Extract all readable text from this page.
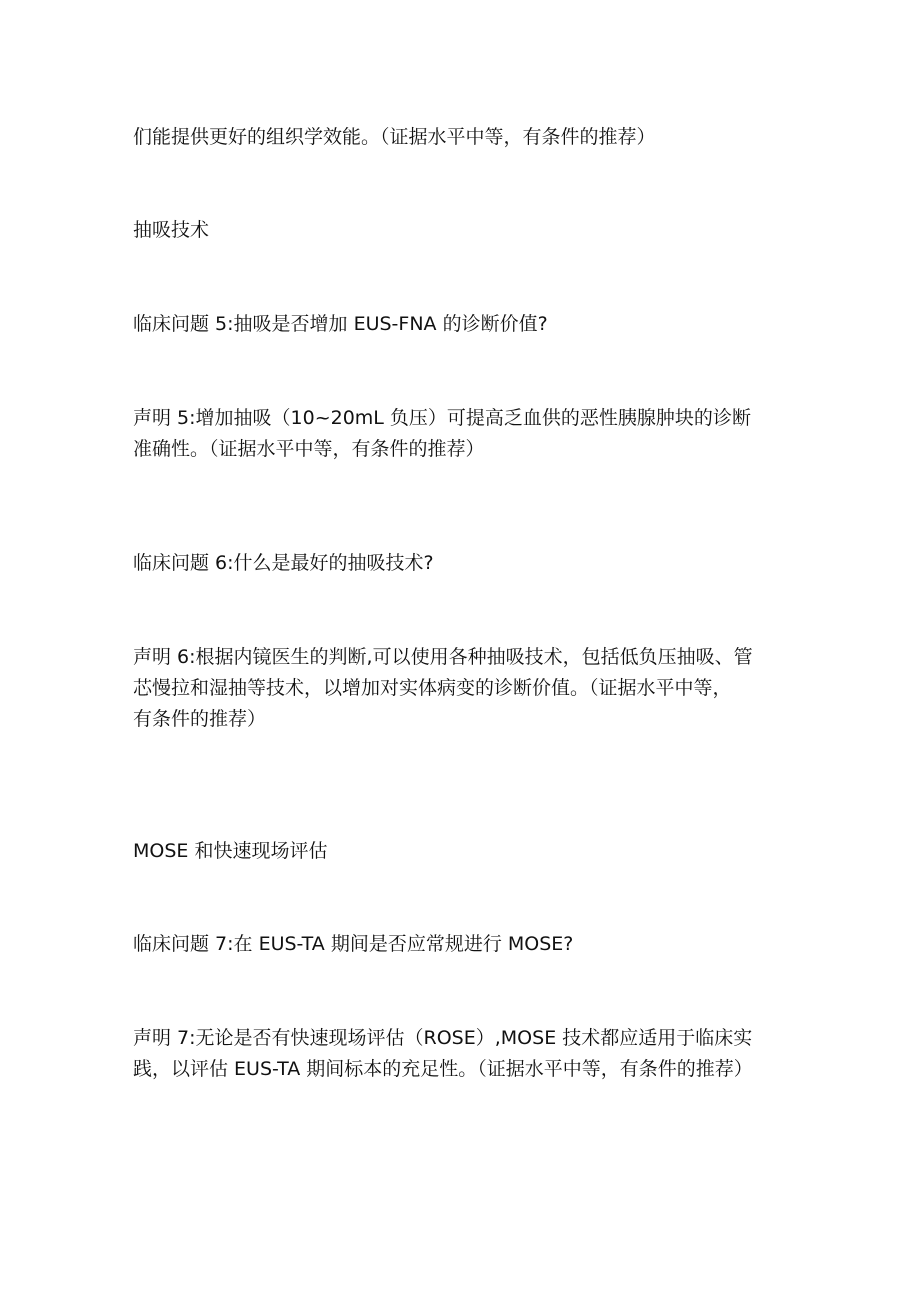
们能提供更好的组织学效能。（证据水平中等，有条件的推荐）
抽吸技术
临床问题 5:抽吸是否增加 EUS-FNA 的诊断价值?
声明 5:增加抽吸（10~20mL 负压）可提高乏血供的恶性胰腺肿块的诊断
准确性。（证据水平中等，有条件的推荐）
临床问题 6:什么是最好的抽吸技术?
声明 6:根据内镜医生的判断,可以使用各种抽吸技术，包括低负压抽吸、管
芯慢拉和湿抽等技术，以增加对实体病变的诊断价值。（证据水平中等，
有条件的推荐）
MOSE 和快速现场评估
临床问题 7:在 EUS-TA 期间是否应常规进行 MOSE?
声明 7:无论是否有快速现场评估（ROSE）,MOSE 技术都应适用于临床实
践，以评估 EUS-TA 期间标本的充足性。（证据水平中等，有条件的推荐）
